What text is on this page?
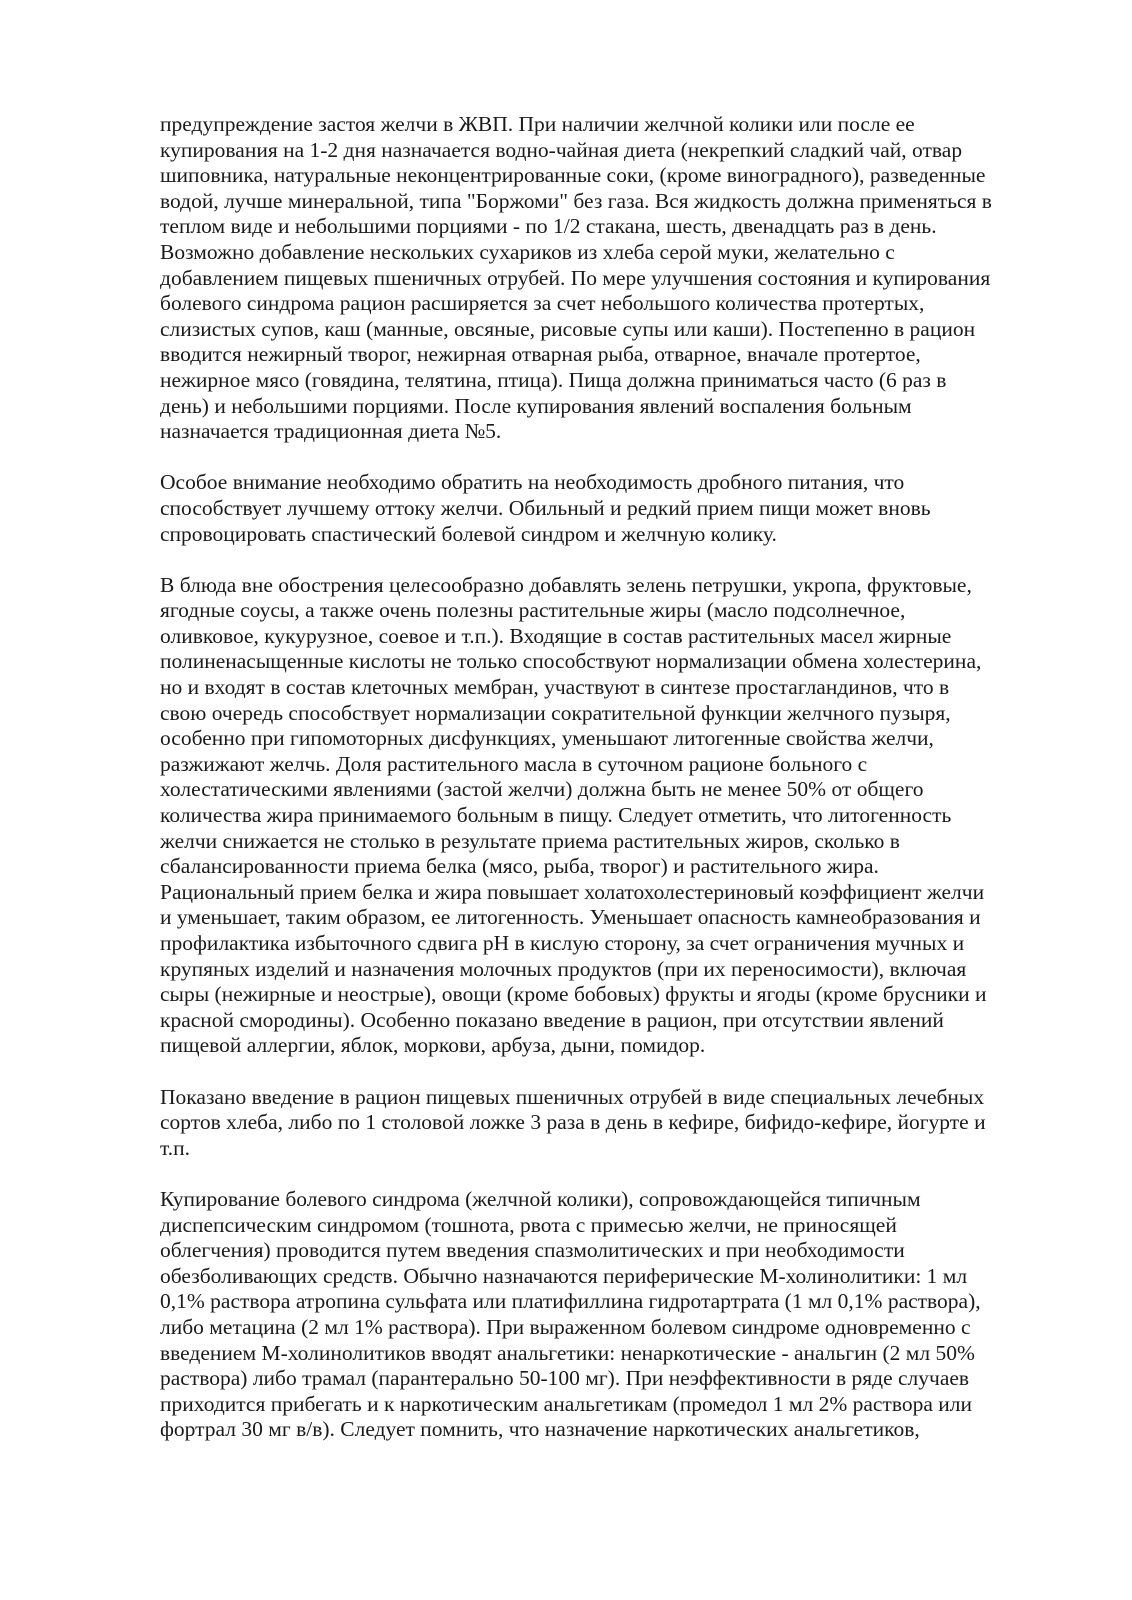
предупреждение застоя желчи в ЖВП. При наличии желчной колики или после ее
купирования на 1-2 дня назначается водно-чайная диета (некрепкий сладкий чай, отвар
шиповника, натуральные неконцентрированные соки, (кроме виноградного), разведенные
водой, лучше минеральной, типа "Боржоми" без газа. Вся жидкость должна применяться в
теплом виде и небольшими порциями - по 1/2 стакана, шесть, двенадцать раз в день.
Возможно добавление нескольких сухариков из хлеба серой муки, желательно с
добавлением пищевых пшеничных отрубей. По мере улучшения состояния и купирования
болевого синдрома рацион расширяется за счет небольшого количества протертых,
слизистых супов, каш (манные, овсяные, рисовые супы или каши). Постепенно в рацион
вводится нежирный творог, нежирная отварная рыба, отварное, вначале протертое,
нежирное мясо (говядина, телятина, птица). Пища должна приниматься часто (6 раз в
день) и небольшими порциями. После купирования явлений воспаления больным
назначается традиционная диета №5.
Особое внимание необходимо обратить на необходимость дробного питания, что
способствует лучшему оттоку желчи. Обильный и редкий прием пищи может вновь
спровоцировать спастический болевой синдром и желчную колику.
В блюда вне обострения целесообразно добавлять зелень петрушки, укропа, фруктовые,
ягодные соусы, а также очень полезны растительные жиры (масло подсолнечное,
оливковое, кукурузное, соевое и т.п.). Входящие в состав растительных масел жирные
полиненасыщенные кислоты не только способствуют нормализации обмена холестерина,
но и входят в состав клеточных мембран, участвуют в синтезе простагландинов, что в
свою очередь способствует нормализации сократительной функции желчного пузыря,
особенно при гипомоторных дисфункциях, уменьшают литогенные свойства желчи,
разжижают желчь. Доля растительного масла в суточном рационе больного с
холестатическими явлениями (застой желчи) должна быть не менее 50% от общего
количества жира принимаемого больным в пищу. Следует отметить, что литогенность
желчи снижается не столько в результате приема растительных жиров, сколько в
сбалансированности приема белка (мясо, рыба, творог) и растительного жира.
Рациональный прием белка и жира повышает холатохолестериновый коэффициент желчи
и уменьшает, таким образом, ее литогенность. Уменьшает опасность камнеобразования и
профилактика избыточного сдвига pH в кислую сторону, за счет ограничения мучных и
крупяных изделий и назначения молочных продуктов (при их переносимости), включая
сыры (нежирные и неострые), овощи (кроме бобовых) фрукты и ягоды (кроме брусники и
красной смородины). Особенно показано введение в рацион, при отсутствии явлений
пищевой аллергии, яблок, моркови, арбуза, дыни, помидор.
Показано введение в рацион пищевых пшеничных отрубей в виде специальных лечебных
сортов хлеба, либо по 1 столовой ложке 3 раза в день в кефире, бифидо-кефире, йогурте и
т.п.
Купирование болевого синдрома (желчной колики), сопровождающейся типичным
диспепсическим синдромом (тошнота, рвота с примесью желчи, не приносящей
облегчения) проводится путем введения спазмолитических и при необходимости
обезболивающих средств. Обычно назначаются периферические М-холинолитики: 1 мл
0,1% раствора атропина сульфата или платифиллина гидротартрата (1 мл 0,1% раствора),
либо метацина (2 мл 1% раствора). При выраженном болевом синдроме одновременно с
введением М-холинолитиков вводят анальгетики: ненаркотические - анальгин (2 мл 50%
раствора) либо трамал (парантерально 50-100 мг). При неэффективности в ряде случаев
приходится прибегать и к наркотическим анальгетикам (промедол 1 мл 2% раствора или
фортрал 30 мг в/в). Следует помнить, что назначение наркотических анальгетиков,
